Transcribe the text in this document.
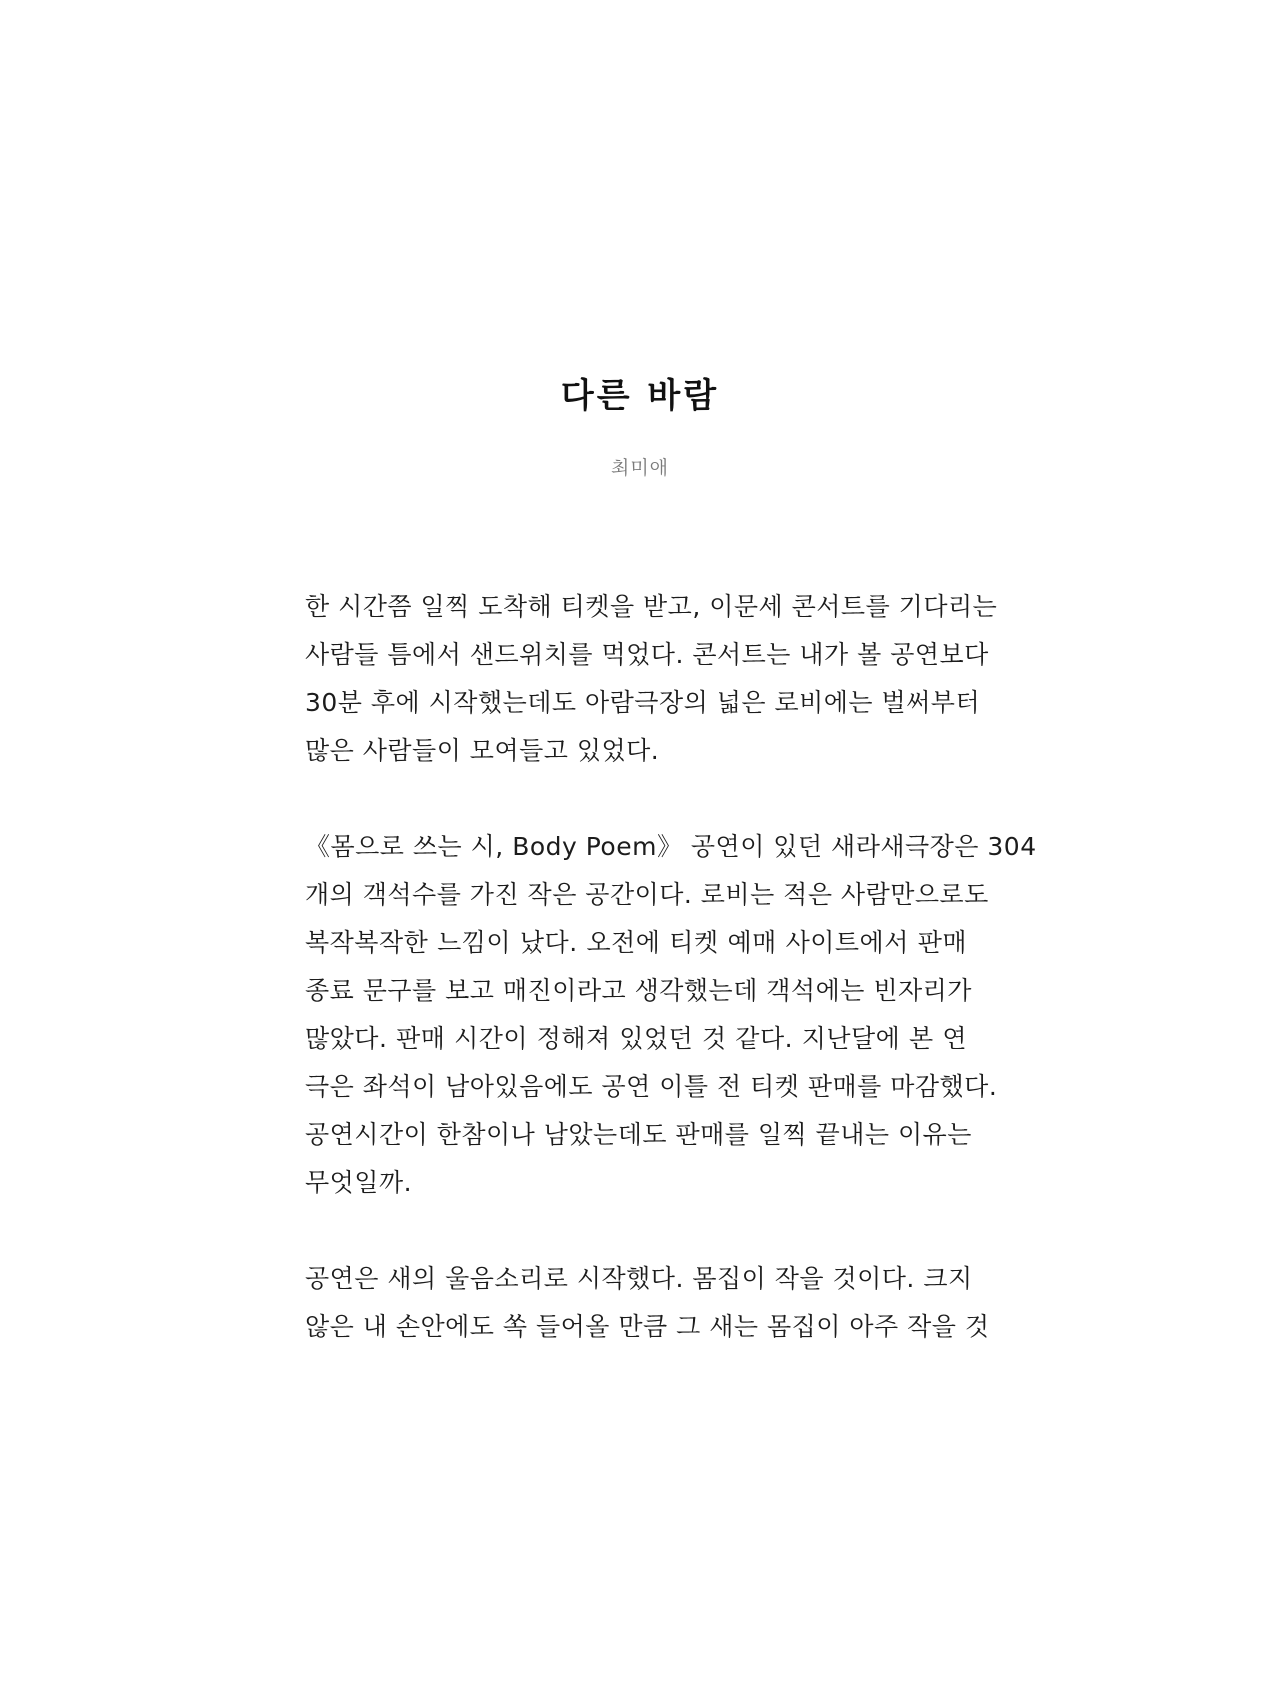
다른 바람
최미애

한 시간쯤 일찍 도착해 티켓을 받고, 이문세 콘서트를 기다리는
사람들 틈에서 샌드위치를 먹었다. 콘서트는 내가 볼 공연보다
30분 후에 시작했는데도 아람극장의 넓은 로비에는 벌써부터
많은 사람들이 모여들고 있었다.

《몸으로 쓰는 시, Body Poem》 공연이 있던 새라새극장은 304
개의 객석수를 가진 작은 공간이다. 로비는 적은 사람만으로도
복작복작한 느낌이 났다. 오전에 티켓 예매 사이트에서 판매
종료 문구를 보고 매진이라고 생각했는데 객석에는 빈자리가
많았다. 판매 시간이 정해져 있었던 것 같다. 지난달에 본 연
극은 좌석이 남아있음에도 공연 이틀 전 티켓 판매를 마감했다.
공연시간이 한참이나 남았는데도 판매를 일찍 끝내는 이유는
무엇일까.

공연은 새의 울음소리로 시작했다. 몸집이 작을 것이다. 크지
않은 내 손안에도 쏙 들어올 만큼 그 새는 몸집이 아주 작을 것
